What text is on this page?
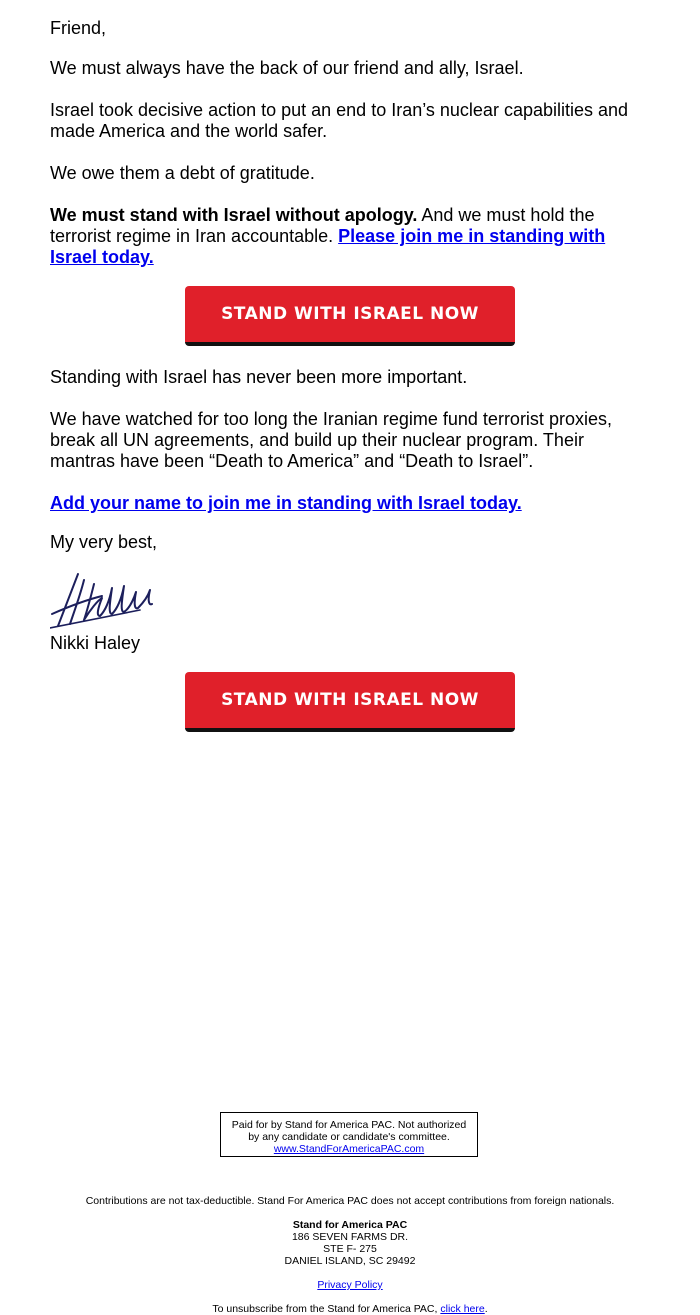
Friend,

We must always have the back of our friend and ally, Israel.

Israel took decisive action to put an end to Iran’s nuclear capabilities and made America and the world safer.

We owe them a debt of gratitude.

We must stand with Israel without apology. And we must hold the terrorist regime in Iran accountable. Please join me in standing with Israel today.

Standing with Israel has never been more important.

We have watched for too long the Iranian regime fund terrorist proxies, break all UN agreements, and build up their nuclear program. Their mantras have been “Death to America” and “Death to Israel”.

Add your name to join me in standing with Israel today.

My very best,

STAND WITH ISRAEL NOW
Nikki Haley
STAND WITH ISRAEL NOW
Paid for by Stand for America PAC. Not authorized
by any candidate or candidate's committee.
www.StandForAmericaPAC.com
Contributions are not tax-deductible. Stand For America PAC does not accept contributions from foreign nationals.
Stand for America PAC
186 SEVEN FARMS DR.
STE F- 275
DANIEL ISLAND, SC 29492
Privacy Policy
To unsubscribe from the Stand for America PAC, click here.
